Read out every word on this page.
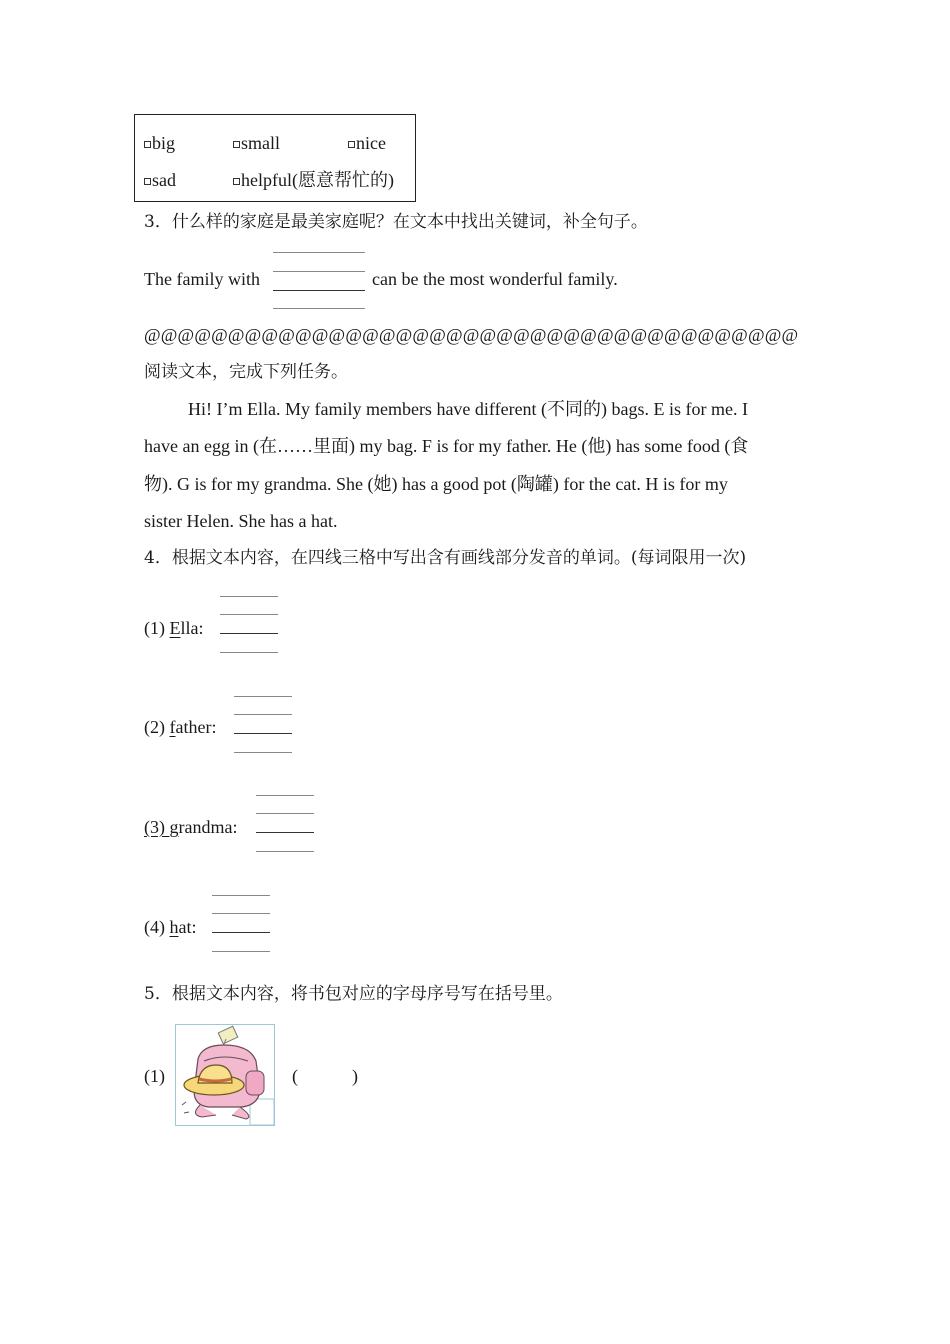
big	small	nice
sad	helpful(愿意帮忙的)
3．什么样的家庭是最美家庭呢？在文本中找出关键词，补全句子。
The family with	can be the most wonderful family.
@@@@@@@@@@@@@@@@@@@@@@@@@@@@@@@@@@@@@@@
阅读文本，完成下列任务。
Hi! I’m Ella. My family members have different (不同的) bags. E is for me. I
have an egg in (在……里面) my bag. F is for my father. He (他) has some food (食
物). G is for my grandma. She (她) has a good pot (陶罐) for the cat. H is for my
sister Helen. She has a hat.
4．根据文本内容，在四线三格中写出含有画线部分发音的单词。(每词限用一次)
(1) Ella:
(2) father:
(3) grandma:
(4) hat:
5．根据文本内容，将书包对应的字母序号写在括号里。
(1)	(　　　)
